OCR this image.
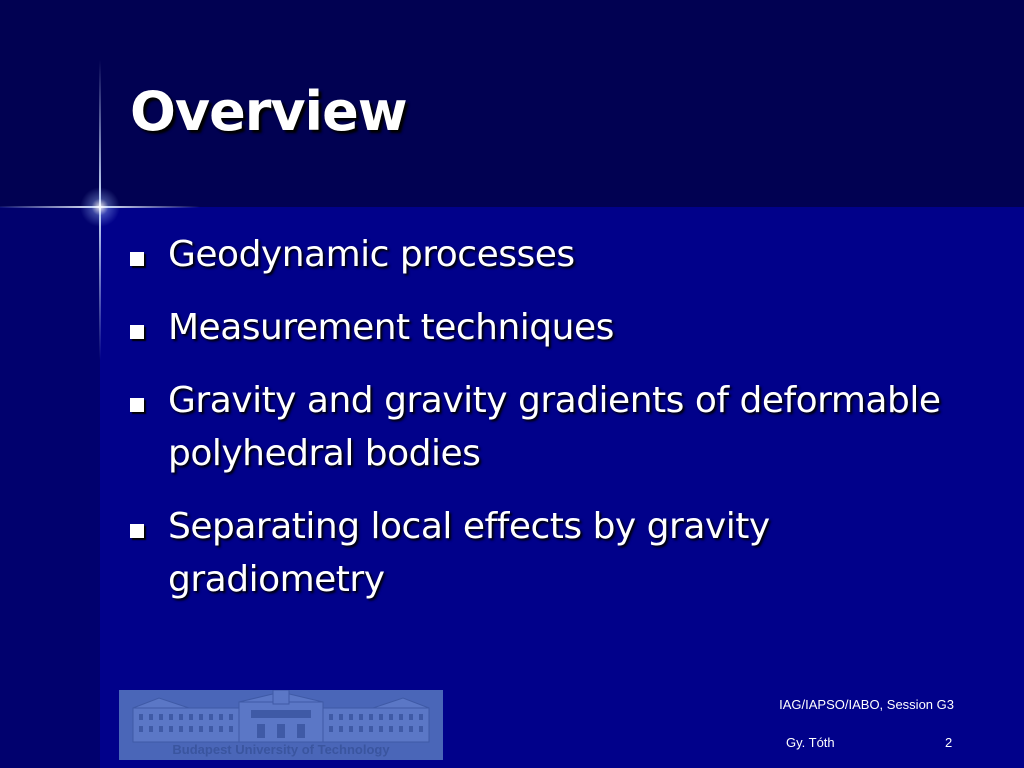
Overview
Geodynamic processes
Measurement techniques
Gravity and gravity gradients of deformable polyhedral bodies
Separating local effects by gravity gradiometry
Budapest University of Technology
IAG/IAPSO/IABO, Session G3
Gy. Tóth	2
